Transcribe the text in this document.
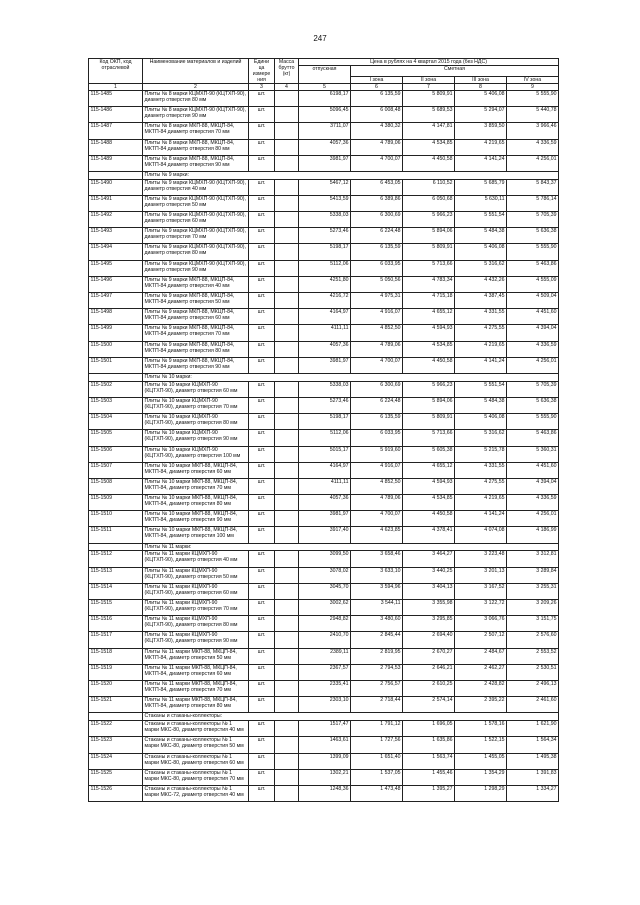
247
Код ОКП, код отраслевой	Наименование материалов и изделий	Едини ца измере ния	Масса брутто (кг)	Цена в рублях на 4 квартал 2015 года (без НДС)				
				отпускная	Сметная			
					I зона	II зона	III зона	IV зона
1	2	3	4	5	6	7	8	9
115-1485	Плиты № 8 марки КЦМХП-90 (КЦТХП-90), диаметр отверстия 80 мм	шт.		6198,17	6 135,59	5 809,91	5 406,08	5 555,90
115-1486	Плиты № 8 марки КЦМХП-90 (КЦТХП-90), диаметр отверстия 90 мм	шт.		5096,45	6 008,48	5 689,53	5 294,07	5 440,78
115-1487	Плиты № 8 марки МКП-88, МКЦП-84, МКТП-84 диаметр отверстия 70 мм	шт.		3711,07	4 380,32	4 147,81	3 859,50	3 966,46
115-1488	Плиты № 8 марки МКП-88, МКЦП-84, МКТП-84 диаметр отверстия 80 мм	шт.		4057,36	4 789,06	4 534,85	4 219,65	4 336,59
115-1489	Плиты № 8 марки МКП-88, МКЦП-84, МКТП-84 диаметр отверстия 90 мм	шт.		3981,97	4 700,07	4 450,58	4 141,24	4 256,01
	Плиты № 9 марки:							
115-1490	Плиты № 9 марки КЦМХП-90 (КЦТХП-90), диаметр отверстия 40 мм	шт.		5467,12	6 453,05	6 110,52	5 685,79	5 843,37
115-1491	Плиты № 9 марки КЦМХП-90 (КЦТХП-90), диаметр отверстия 50 мм	шт.		5413,59	6 389,86	6 050,68	5 630,11	5 786,14
115-1492	Плиты № 9 марки КЦМХП-90 (КЦТХП-90), диаметр отверстия 60 мм	шт.		5338,03	6 300,69	5 966,23	5 551,54	5 705,39
115-1493	Плиты № 9 марки КЦМХП-90 (КЦТХП-90), диаметр отверстия 70 мм	шт.		5273,46	6 224,48	5 894,06	5 484,38	5 636,38
115-1494	Плиты № 9 марки КЦМХП-90 (КЦТХП-90), диаметр отверстия 80 мм	шт.		5198,17	6 135,59	5 809,91	5 406,08	5 555,90
115-1495	Плиты № 9 марки КЦМХП-90 (КЦТХП-90), диаметр отверстия 90 мм	шт.		5112,06	6 033,95	5 713,66	5 316,62	5 463,86
115-1496	Плиты № 9 марки МКП-88, МКЦП-84, МКТП-84 диаметр отверстия 40 мм	шт.		4251,80	5 050,56	4 783,34	4 432,26	4 555,09
115-1497	Плиты № 9 марки МКП-88, МКЦП-84, МКТП-84 диаметр отверстия 50 мм	шт.		4216,72	4 975,31	4 715,18	4 387,45	4 509,04
115-1498	Плиты № 9 марки МКП-88, МКЦП-84, МКТП-84 диаметр отверстия 60 мм	шт.		4164,97	4 916,07	4 655,12	4 331,55	4 451,60
115-1499	Плиты № 9 марки МКП-88, МКЦП-84, МКТП-84 диаметр отверстия 70 мм	шт.		4111,11	4 852,50	4 594,93	4 275,55	4 394,04
115-1500	Плиты № 9 марки МКП-88, МКЦП-84, МКТП-84 диаметр отверстия 80 мм	шт.		4057,36	4 789,06	4 534,85	4 219,65	4 336,59
115-1501	Плиты № 9 марки МКП-88, МКЦП-84, МКТП-84 диаметр отверстия 90 мм	шт.		3981,97	4 700,07	4 450,58	4 141,24	4 256,01
	Плиты № 10 марки:							
115-1502	Плиты № 10 марки КЦМХП-90 (КЦТХП-90), диаметр отверстия 60 мм	шт.		5338,03	6 300,69	5 966,23	5 551,54	5 705,39
115-1503	Плиты № 10 марки КЦМХП-90 (КЦТХП-90), диаметр отверстия 70 мм	шт.		5273,46	6 224,48	5 894,06	5 484,38	5 636,38
115-1504	Плиты № 10 марки КЦМХП-90 (КЦТХП-90), диаметр отверстия 80 мм	шт.		5198,17	6 135,59	5 809,91	5 406,08	5 555,90
115-1505	Плиты № 10 марки КЦМХП-90 (КЦТХП-90), диаметр отверстия 90 мм	шт.		5112,06	6 033,95	5 713,66	5 316,62	5 463,86
115-1506	Плиты № 10 марки КЦМХП-90 (КЦТХП-90), диаметр отверстия 100 мм	шт.		5015,17	5 919,60	5 605,38	5 215,78	5 360,31
115-1507	Плиты № 10 марки МКП-88, МКЦП-84, МКТП-84, диаметр отверстия 60 мм	шт.		4164,97	4 916,07	4 655,12	4 331,55	4 451,60
115-1508	Плиты № 10 марки МКП-88, МКЦП-84, МКТП-84, диаметр отверстия 70 мм	шт.		4111,11	4 852,50	4 594,93	4 275,55	4 394,04
115-1509	Плиты № 10 марки МКП-88, МКЦП-84, МКТП-84, диаметр отверстия 80 мм	шт.		4057,36	4 789,06	4 534,85	4 219,65	4 336,59
115-1510	Плиты № 10 марки МКП-88, МКЦП-84, МКТП-84, диаметр отверстия 90 мм	шт.		3981,97	4 700,07	4 450,58	4 141,24	4 256,01
115-1511	Плиты № 10 марки МКП-88, МКЦП-84, МКТП-84, диаметр отверстия 100 мм	шт.		3917,40	4 623,85	4 378,41	4 074,08	4 186,99
	Плиты № 11 марки:							
115-1512	Плиты № 11 марки КЦМХП-90 (КЦТХП-90), диаметр отверстия 40 мм	шт.		3099,50	3 658,46	3 464,27	3 223,48	3 312,81
115-1513	Плиты № 11 марки КЦМХП-90 (КЦТХП-90), диаметр отверстия 50 мм	шт.		3078,02	3 633,10	3 440,25	3 201,13	3 289,84
115-1514	Плиты № 11 марки КЦМХП-90 (КЦТХП-90), диаметр отверстия 60 мм	шт.		3045,70	3 594,96	3 404,13	3 167,52	3 255,31
115-1515	Плиты № 11 марки КЦМХП-90 (КЦТХП-90), диаметр отверстия 70 мм	шт.		3002,62	3 544,11	3 355,98	3 122,72	3 209,26
115-1516	Плиты № 11 марки КЦМХП-90 (КЦТХП-90), диаметр отверстия 80 мм	шт.		2948,82	3 480,60	3 295,85	3 066,76	3 151,75
115-1517	Плиты № 11 марки КЦМХП-90 (КЦТХП-90), диаметр отверстия 90 мм	шт.		2410,70	2 845,44	2 694,40	2 507,12	2 576,60
115-1518	Плиты № 11 марки МКП-88, МКЦП-84, МКТП-84, диаметр отверстия 50 мм	шт.		2389,11	2 819,95	2 670,27	2 484,67	2 553,52
115-1519	Плиты № 11 марки МКП-88, МКЦП-84, МКТП-84, диаметр отверстия 60 мм	шт.		2367,57	2 794,53	2 646,21	2 462,27	2 530,51
115-1520	Плиты № 11 марки МКП-88, МКЦП-84, МКТП-84, диаметр отверстия 70 мм	шт.		2335,41	2 756,57	2 610,25	2 428,82	2 496,13
115-1521	Плиты № 11 марки МКП-88, МКЦП-84, МКТП-84, диаметр отверстия 80 мм	шт.		2303,10	2 718,44	2 574,14	2 395,22	2 461,60
	Стаканы и стаканы-коллекторы:							
115-1522	Стаканы и стаканы-коллекторы № 1 марки МКС-80, диаметр отверстия 40 мм	шт.		1517,47	1 791,12	1 696,05	1 578,16	1 621,90
115-1523	Стаканы и стаканы-коллекторы № 1 марки МКС-80, диаметр отверстия 50 мм	шт.		1463,61	1 727,56	1 635,86	1 522,15	1 564,34
115-1524	Стаканы и стаканы-коллекторы № 1 марки МКС-80, диаметр отверстия 60 мм	шт.		1399,09	1 651,40	1 563,74	1 455,05	1 495,38
115-1525	Стаканы и стаканы-коллекторы № 1 марки МКС-80, диаметр отверстия 70 мм	шт.		1302,21	1 537,05	1 455,46	1 354,29	1 391,83
115-1526	Стаканы и стаканы-коллекторы № 1 марки МКС-72, диаметр отверстия 40 мм	шт.		1248,36	1 473,48	1 395,27	1 298,29	1 334,27
